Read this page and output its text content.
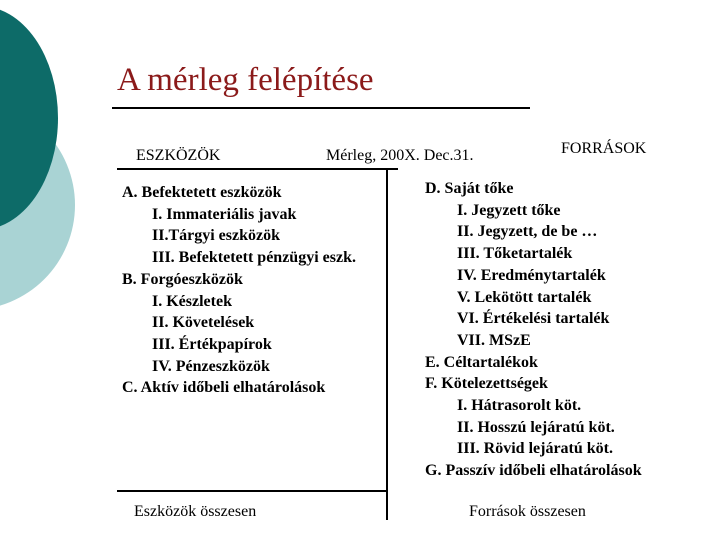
A mérleg felépítése
ESZKÖZÖK	Mérleg, 200X. Dec.31.	FORRÁSOK
A. Befektetett eszközök
I. Immateriális javak
II.Tárgyi eszközök
III. Befektetett pénzügyi eszk.
B. Forgóeszközök
I. Készletek
II. Követelések
III. Értékpapírok
IV. Pénzeszközök
C. Aktív időbeli elhatárolások
D. Saját tőke
I. Jegyzett tőke
II. Jegyzett, de be …
III. Tőketartalék
IV. Eredménytartalék
V. Lekötött tartalék
VI. Értékelési tartalék
VII. MSzE
E. Céltartalékok
F. Kötelezettségek
I. Hátrasorolt köt.
II. Hosszú lejáratú köt.
III. Rövid lejáratú köt.
G. Passzív időbeli elhatárolások
Eszközök összesen	Források összesen
